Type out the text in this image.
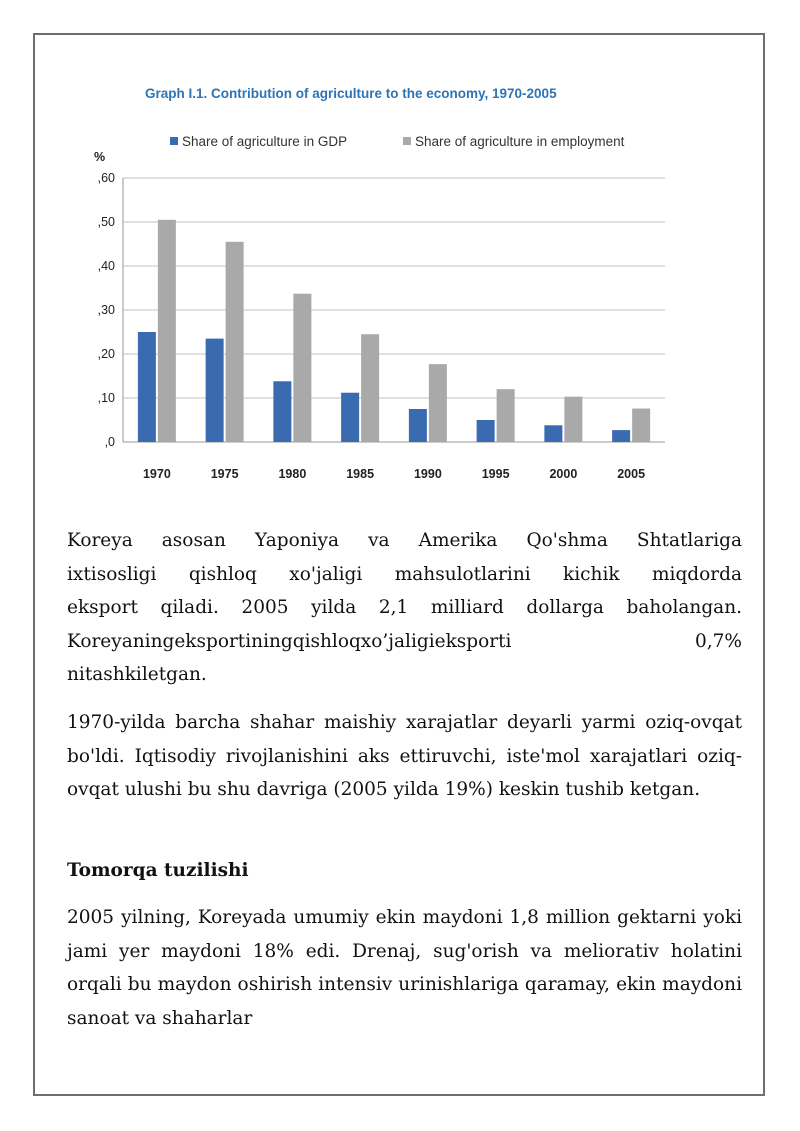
Graph I.1. Contribution of agriculture to the economy, 1970-2005
Share of agriculture in GDP	Share of agriculture in employment
%
,0
,10
,20
,30
,40
,50
,60
1970	1975	1980	1985	1990	1995	2000	2005

Koreya asosan Yaponiya va Amerika Qo'shma Shtatlariga
ixtisosligi qishloq xo'jaligi mahsulotlarini kichik miqdorda
eksport qiladi. 2005 yilda 2,1 milliard dollarga baholangan.
Koreyaningeksportiningqishloqxo’jaligieksporti	0,7%
nitashkiletgan.

1970-yilda barcha shahar maishiy xarajatlar deyarli yarmi oziq-ovqat bo'ldi. Iqtisodiy rivojlanishini aks ettiruvchi, iste'mol xarajatlari oziq-ovqat ulushi bu shu davriga (2005 yilda 19%) keskin tushib ketgan.

Tomorqa tuzilishi

2005 yilning, Koreyada umumiy ekin maydoni 1,8 million gektarni yoki jami yer maydoni 18% edi. Drenaj, sug'orish va meliorativ holatini orqali bu maydon oshirish intensiv urinishlariga qaramay, ekin maydoni sanoat va shaharlar
